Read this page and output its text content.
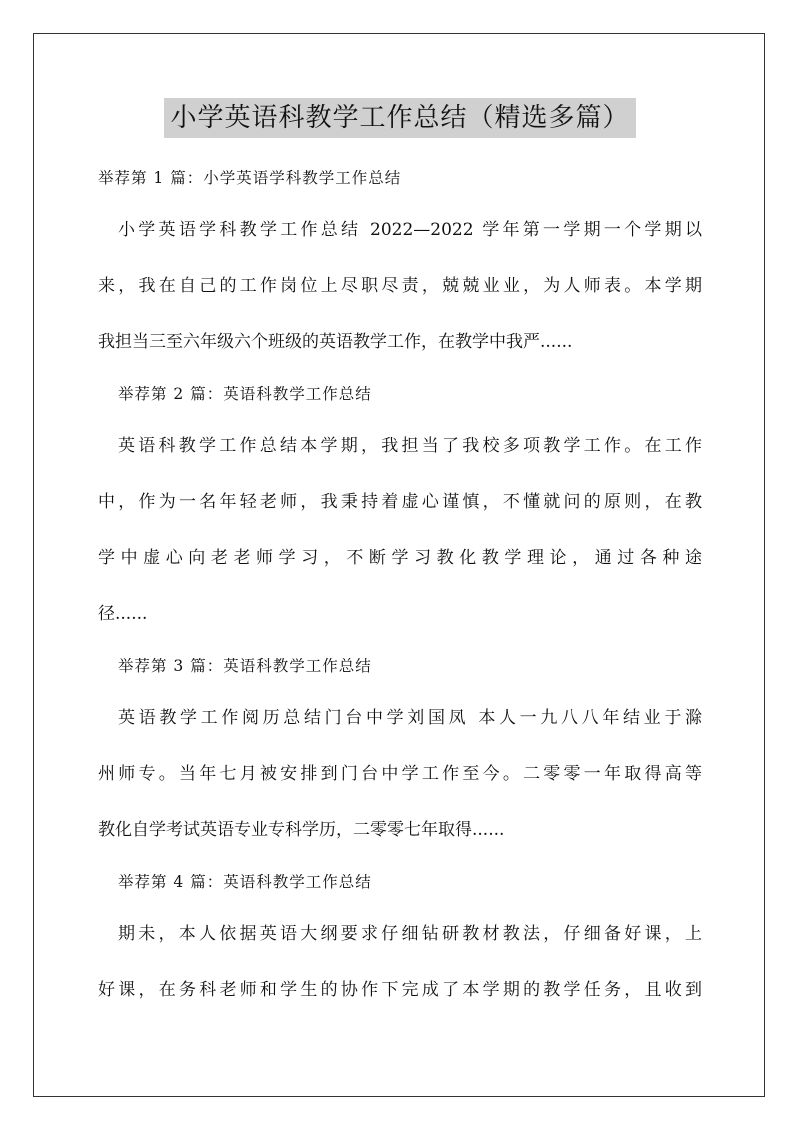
小学英语科教学工作总结（精选多篇）
举荐第 1 篇：小学英语学科教学工作总结
小学英语学科教学工作总结 2022—2022 学年第一学期一个学期以
来，我在自己的工作岗位上尽职尽责，兢兢业业，为人师表。本学期
我担当三至六年级六个班级的英语教学工作，在教学中我严......
举荐第 2 篇：英语科教学工作总结
英语科教学工作总结本学期，我担当了我校多项教学工作。在工作
中，作为一名年轻老师，我秉持着虚心谨慎，不懂就问的原则，在教
学中虚心向老老师学习，不断学习教化教学理论，通过各种途
径......
举荐第 3 篇：英语科教学工作总结
英语教学工作阅历总结门台中学刘国凤 本人一九八八年结业于滁
州师专。当年七月被安排到门台中学工作至今。二零零一年取得高等
教化自学考试英语专业专科学历，二零零七年取得......
举荐第 4 篇：英语科教学工作总结
期未，本人依据英语大纲要求仔细钻研教材教法，仔细备好课，上
好课，在务科老师和学生的协作下完成了本学期的教学任务，且收到
